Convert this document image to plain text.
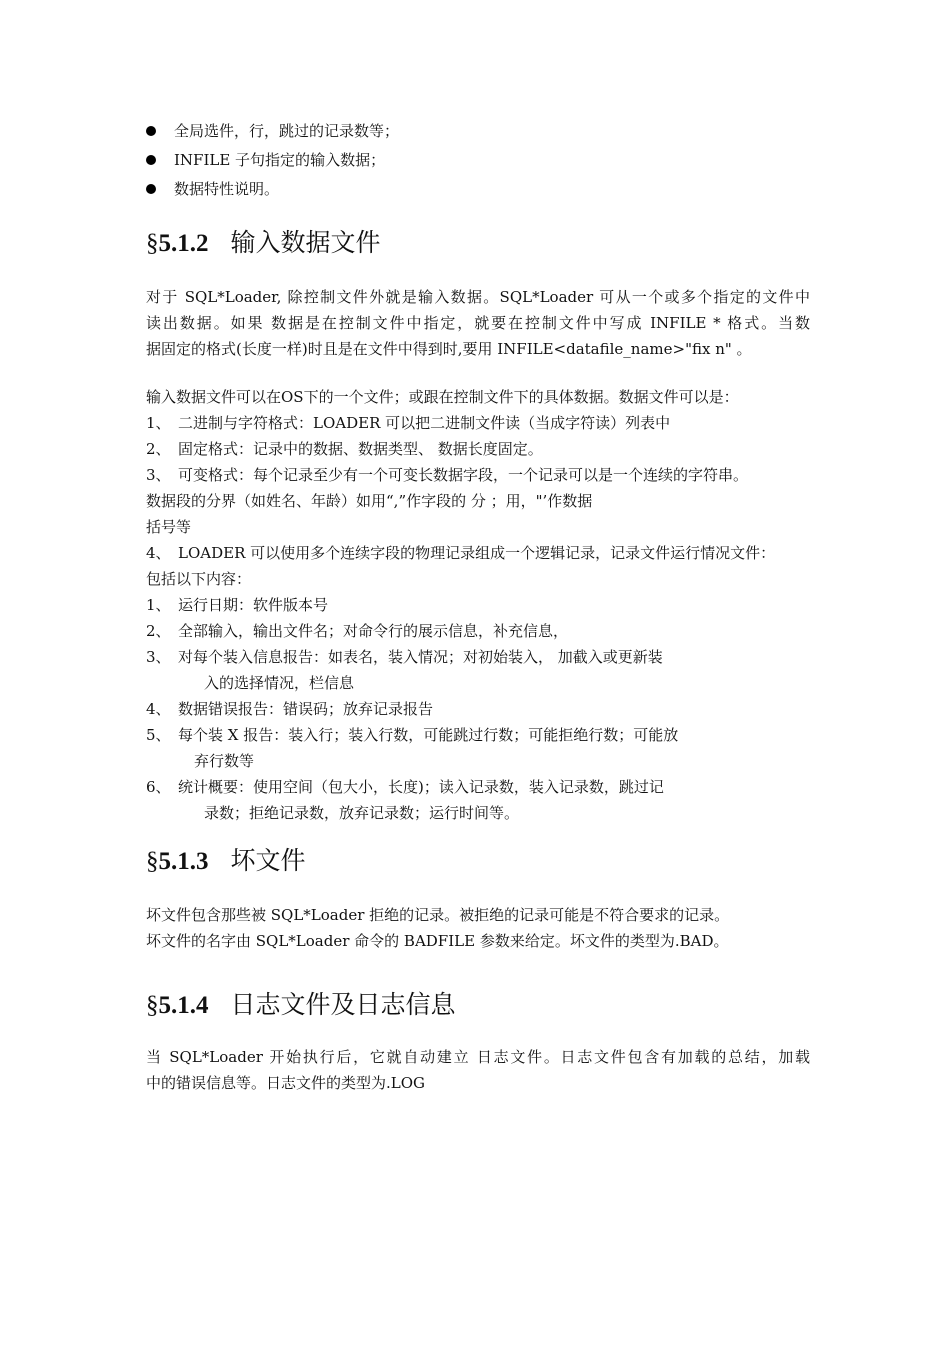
全局选件，行，跳过的记录数等；
INFILE 子句指定的输入数据；
数据特性说明。
§5.1.2 输入数据文件
对于 SQL*Loader, 除控制文件外就是输入数据。SQL*Loader 可从一个或多个指定的文件中
读出数据。如果 数据是在控制文件中指定，就要在控制文件中写成 INFILE * 格式。当数
据固定的格式(长度一样)时且是在文件中得到时,要用 INFILE<datafile_name>"fix n" 。
输入数据文件可以在OS下的一个文件；或跟在控制文件下的具体数据。数据文件可以是：
1、 二进制与字符格式：LOADER 可以把二进制文件读（当成字符读）列表中
2、 固定格式：记录中的数据、数据类型、 数据长度固定。
3、 可变格式：每个记录至少有一个可变长数据字段，一个记录可以是一个连续的字符串。
数据段的分界（如姓名、年龄）如用“,”作字段的 分 ；用，"’作数据
括号等
4、 LOADER 可以使用多个连续字段的物理记录组成一个逻辑记录，记录文件运行情况文件：
包括以下内容：
1、 运行日期：软件版本号
2、 全部输入，输出文件名；对命令行的展示信息，补充信息，
3、 对每个装入信息报告：如表名，装入情况；对初始装入， 加截入或更新装
入的选择情况，栏信息
4、 数据错误报告：错误码；放弃记录报告
5、 每个装 X 报告：装入行；装入行数，可能跳过行数；可能拒绝行数；可能放
弃行数等
6、 统计概要：使用空间（包大小，长度)；读入记录数，装入记录数，跳过记
录数；拒绝记录数，放弃记录数；运行时间等。
§5.1.3 坏文件
坏文件包含那些被 SQL*Loader 拒绝的记录。被拒绝的记录可能是不符合要求的记录。
坏文件的名字由 SQL*Loader 命令的 BADFILE 参数来给定。坏文件的类型为.BAD。
§5.1.4 日志文件及日志信息
当 SQL*Loader 开始执行后，它就自动建立 日志文件。日志文件包含有加载的总结，加载
中的错误信息等。日志文件的类型为.LOG
